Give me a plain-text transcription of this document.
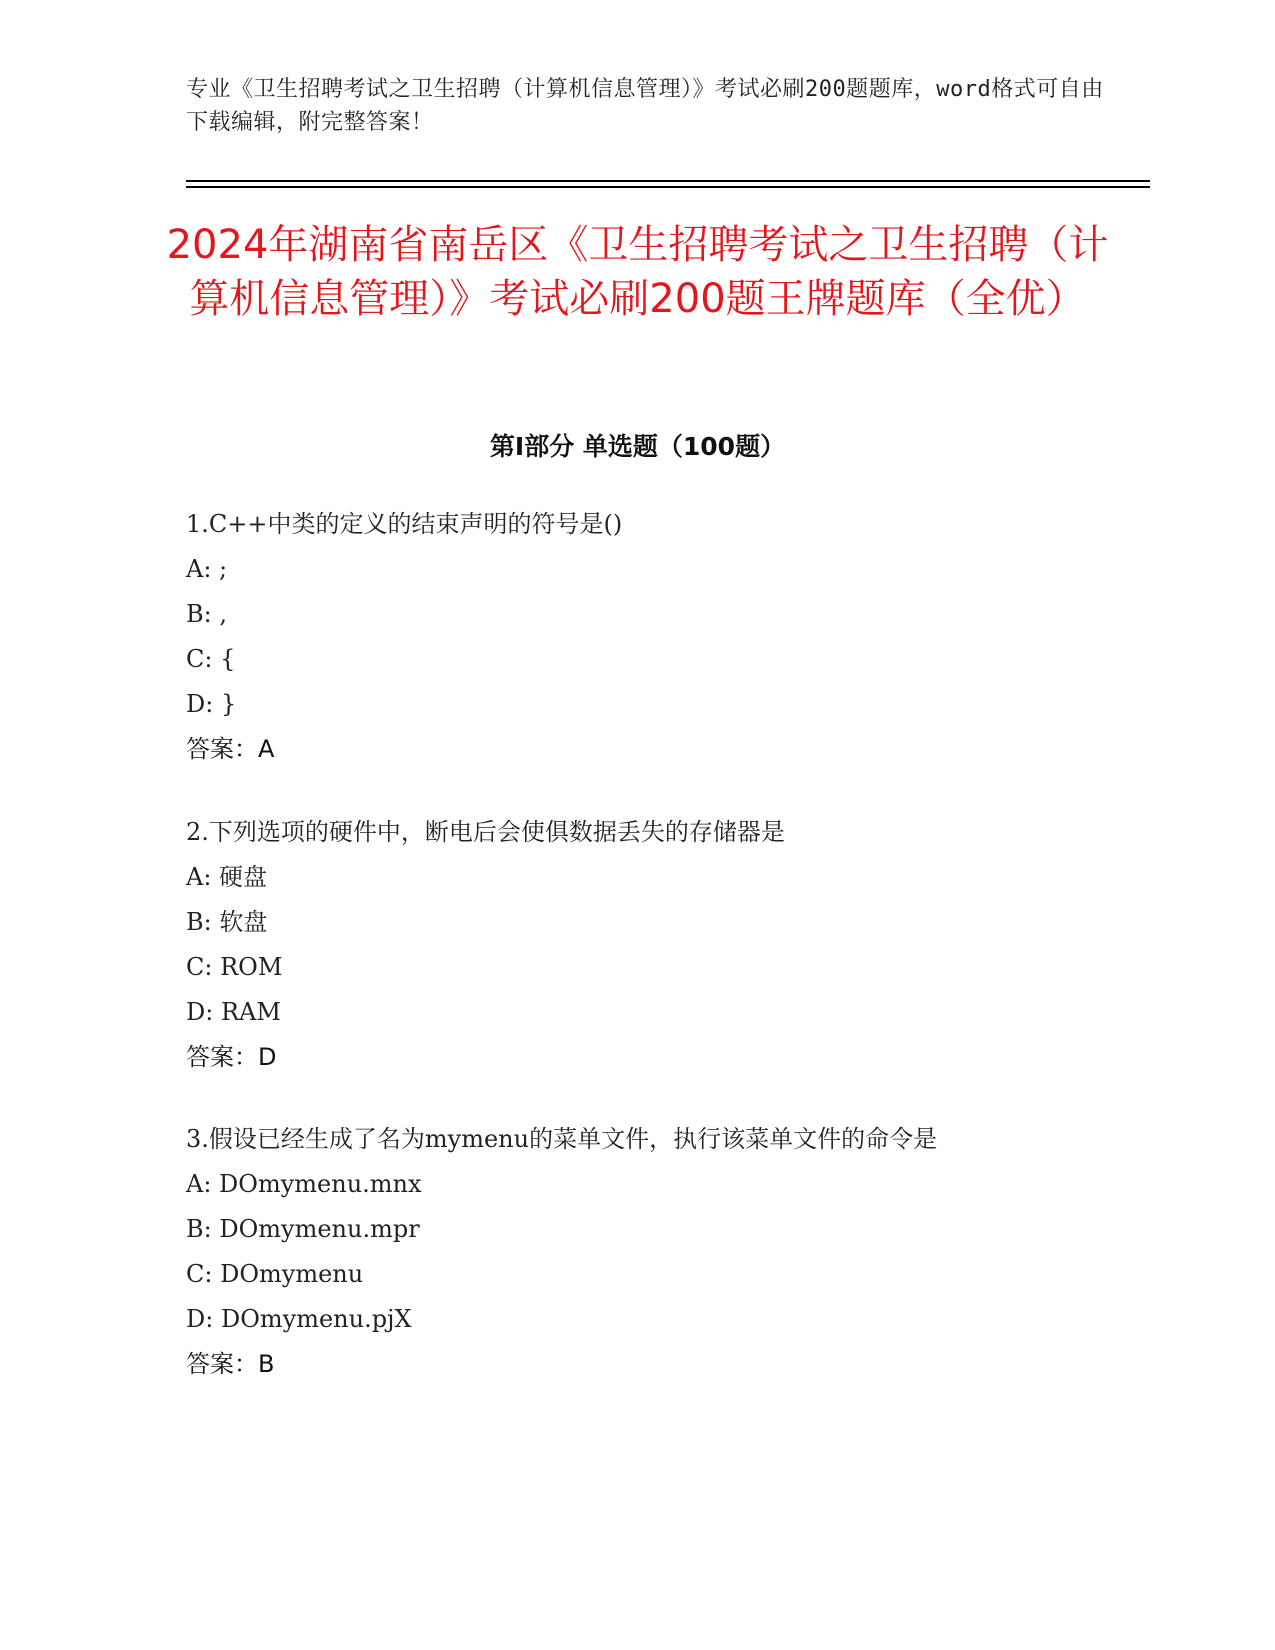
专业《卫生招聘考试之卫生招聘（计算机信息管理）》考试必刷200题题库，word格式可自由下载编辑，附完整答案！
2024年湖南省南岳区《卫生招聘考试之卫生招聘（计算机信息管理）》考试必刷200题王牌题库（全优）
第Ⅰ部分 单选题（100题）
1.C++中类的定义的结束声明的符号是()
A: ;
B: ,
C: {
D: }
答案：A
2.下列选项的硬件中，断电后会使俱数据丢失的存储器是
A: 硬盘
B: 软盘
C: ROM
D: RAM
答案：D
3.假设已经生成了名为mymenu的菜单文件，执行该菜单文件的命令是
A: DOmymenu.mnx
B: DOmymenu.mpr
C: DOmymenu
D: DOmymenu.pjX
答案：B
